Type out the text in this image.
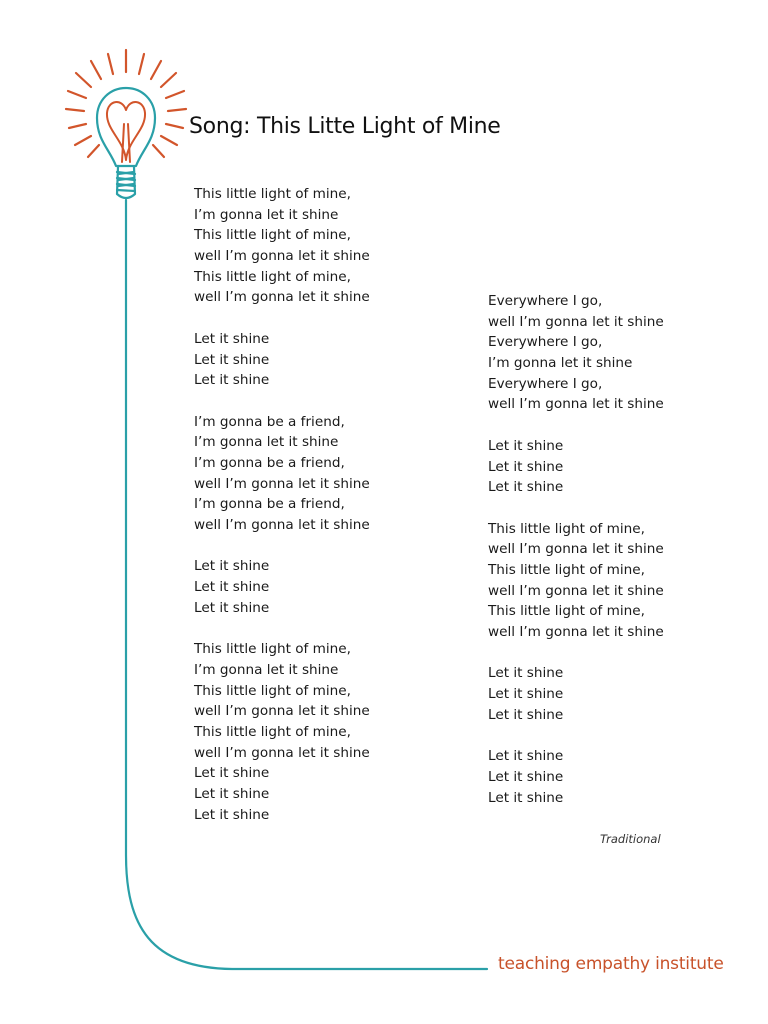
Song: This Litte Light of Mine
This little light of mine,
I’m gonna let it shine
This little light of mine,
well I’m gonna let it shine
This little light of mine,
well I’m gonna let it shine
Let it shine
Let it shine
Let it shine
I’m gonna be a friend,
I’m gonna let it shine
I’m gonna be a friend,
well I’m gonna let it shine
I’m gonna be a friend,
well I’m gonna let it shine
Let it shine
Let it shine
Let it shine
This little light of mine,
I’m gonna let it shine
This little light of mine,
well I’m gonna let it shine
This little light of mine,
well I’m gonna let it shine
Let it shine
Let it shine
Let it shine
Everywhere I go,
well I’m gonna let it shine
Everywhere I go,
I’m gonna let it shine
Everywhere I go,
well I’m gonna let it shine
Let it shine
Let it shine
Let it shine
This little light of mine,
well I’m gonna let it shine
This little light of mine,
well I’m gonna let it shine
This little light of mine,
well I’m gonna let it shine
Let it shine
Let it shine
Let it shine
Let it shine
Let it shine
Let it shine
Traditional
teaching empathy institute
